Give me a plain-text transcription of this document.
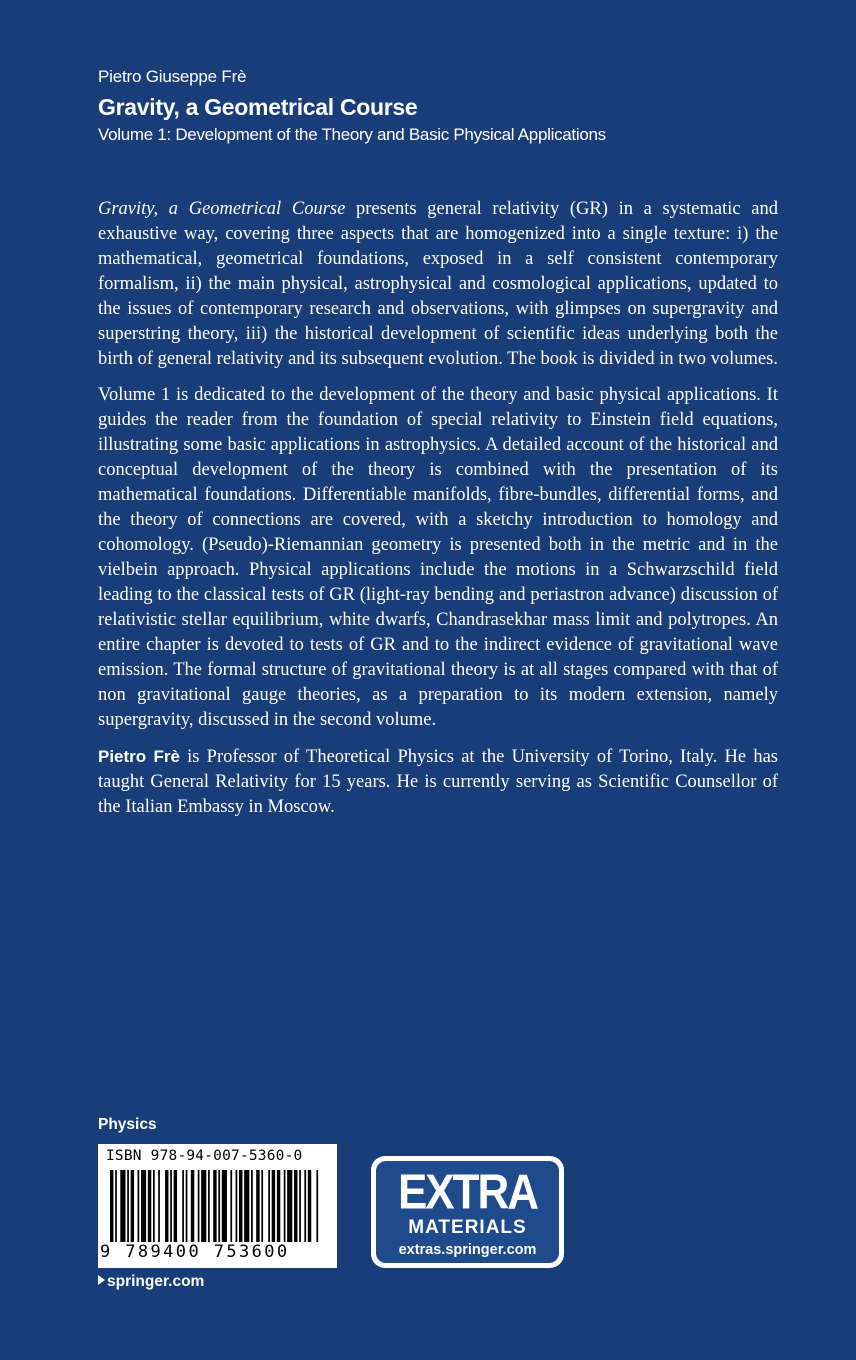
Pietro Giuseppe Frè
Gravity, a Geometrical Course
Volume 1: Development of the Theory and Basic Physical Applications

Gravity, a Geometrical Course presents general relativity (GR) in a systematic and exhaustive way, covering three aspects that are homogenized into a single texture: i) the mathematical, geometrical foundations, exposed in a self consistent contemporary formalism, ii) the main physical, astrophysical and cosmological applications, updated to the issues of contemporary research and observations, with glimpses on supergravity and superstring theory, iii) the historical development of scientific ideas underlying both the birth of general relativity and its subsequent evolution. The book is divided in two volumes.

Volume 1 is dedicated to the development of the theory and basic physical applications. It guides the reader from the foundation of special relativity to Einstein field equations, illustrating some basic applications in astrophysics. A detailed account of the historical and conceptual development of the theory is combined with the presentation of its mathematical foundations. Differentiable manifolds, fibre-bundles, differential forms, and the theory of connections are covered, with a sketchy introduction to homology and cohomology. (Pseudo)-Riemannian geometry is presented both in the metric and in the vielbein approach. Physical applications include the motions in a Schwarzschild field leading to the classical tests of GR (light-ray bending and periastron advance) discussion of relativistic stellar equilibrium, white dwarfs, Chandrasekhar mass limit and polytropes. An entire chapter is devoted to tests of GR and to the indirect evidence of gravitational wave emission. The formal structure of gravitational theory is at all stages compared with that of non gravitational gauge theories, as a preparation to its modern extension, namely supergravity, discussed in the second volume.

Pietro Frè is Professor of Theoretical Physics at the University of Torino, Italy. He has taught General Relativity for 15 years. He is currently serving as Scientific Counsellor of the Italian Embassy in Moscow.

Physics
ISBN 978-94-007-5360-0
9 789400 753600
springer.com
EXTRA
MATERIALS
extras.springer.com
